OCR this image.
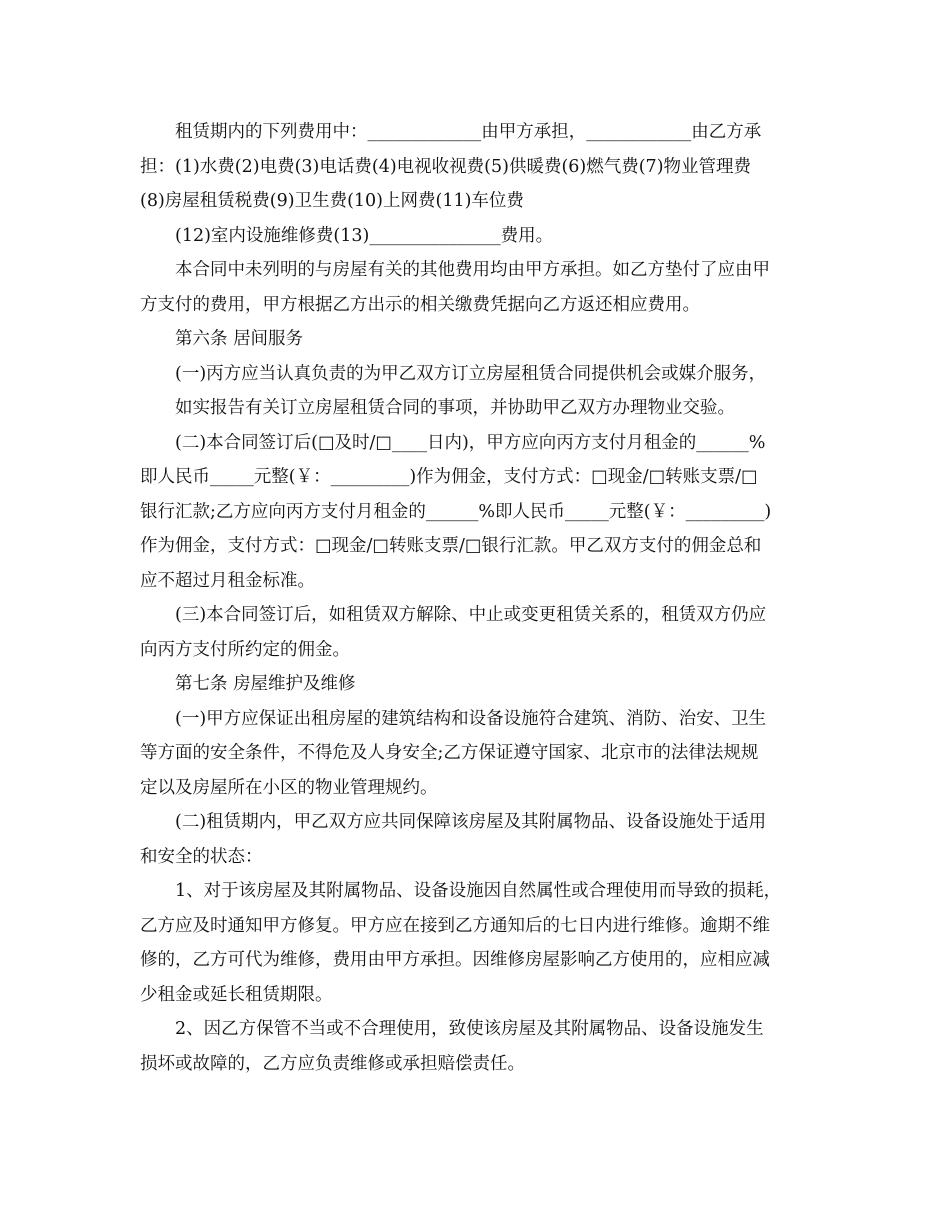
租赁期内的下列费用中：_____________由甲方承担，____________由乙方承
担：(1)水费(2)电费(3)电话费(4)电视收视费(5)供暖费(6)燃气费(7)物业管理费
(8)房屋租赁税费(9)卫生费(10)上网费(11)车位费
(12)室内设施维修费(13)_______________费用。
本合同中未列明的与房屋有关的其他费用均由甲方承担。如乙方垫付了应由甲
方支付的费用，甲方根据乙方出示的相关缴费凭据向乙方返还相应费用。
第六条 居间服务
(一)丙方应当认真负责的为甲乙双方订立房屋租赁合同提供机会或媒介服务，
如实报告有关订立房屋租赁合同的事项，并协助甲乙双方办理物业交验。
(二)本合同签订后(□及时/□____日内)，甲方应向丙方支付月租金的______%
即人民币_____元整(￥：_________)作为佣金，支付方式：□现金/□转账支票/□
银行汇款;乙方应向丙方支付月租金的______%即人民币_____元整(￥：_________)
作为佣金，支付方式：□现金/□转账支票/□银行汇款。甲乙双方支付的佣金总和
应不超过月租金标准。
(三)本合同签订后，如租赁双方解除、中止或变更租赁关系的，租赁双方仍应
向丙方支付所约定的佣金。
第七条 房屋维护及维修
(一)甲方应保证出租房屋的建筑结构和设备设施符合建筑、消防、治安、卫生
等方面的安全条件，不得危及人身安全;乙方保证遵守国家、北京市的法律法规规
定以及房屋所在小区的物业管理规约。
(二)租赁期内，甲乙双方应共同保障该房屋及其附属物品、设备设施处于适用
和安全的状态：
1、对于该房屋及其附属物品、设备设施因自然属性或合理使用而导致的损耗，
乙方应及时通知甲方修复。甲方应在接到乙方通知后的七日内进行维修。逾期不维
修的，乙方可代为维修，费用由甲方承担。因维修房屋影响乙方使用的，应相应减
少租金或延长租赁期限。
2、因乙方保管不当或不合理使用，致使该房屋及其附属物品、设备设施发生
损坏或故障的，乙方应负责维修或承担赔偿责任。
